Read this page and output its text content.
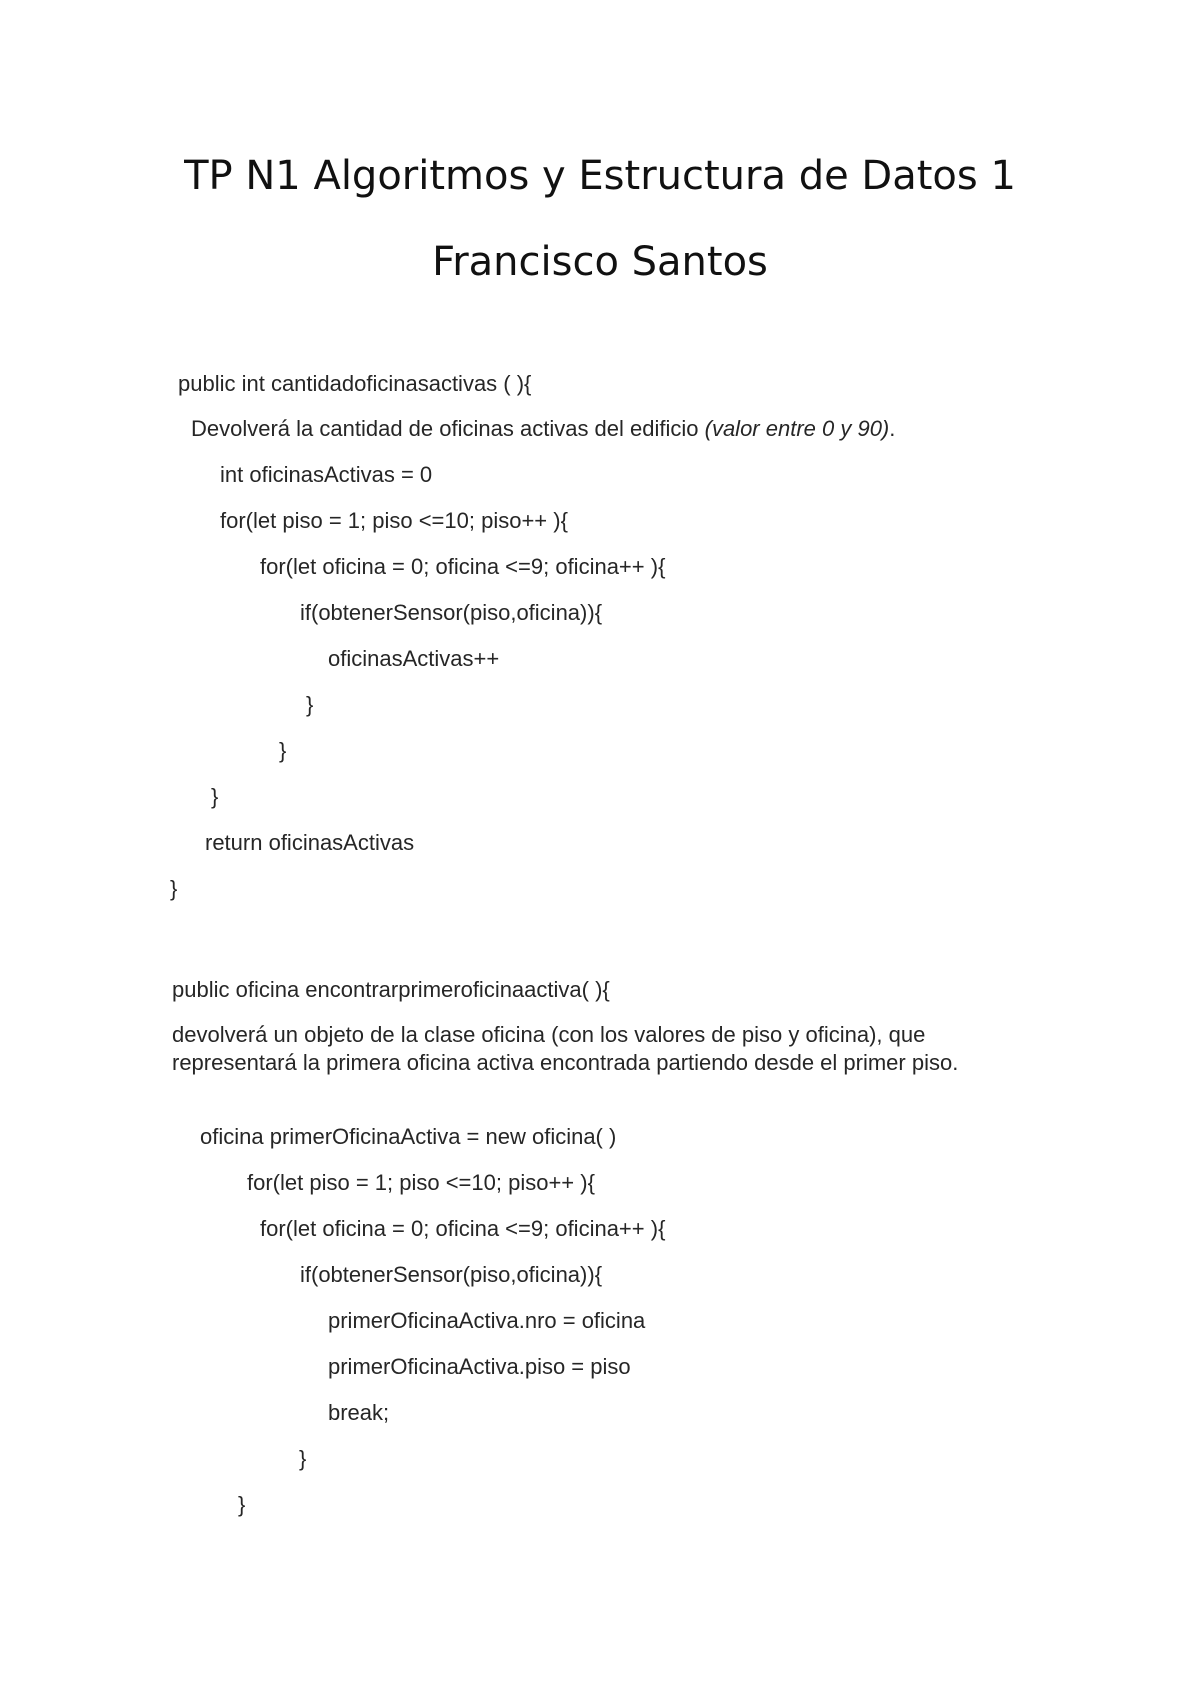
TP N1 Algoritmos y Estructura de Datos 1
Francisco Santos
public int cantidadoficinasactivas ( ){
Devolverá la cantidad de oficinas activas del edificio (valor entre 0 y 90).
int oficinasActivas = 0
for(let piso = 1; piso <=10; piso++ ){
for(let oficina = 0; oficina <=9; oficina++ ){
if(obtenerSensor(piso,oficina)){
oficinasActivas++
}
}
}
return oficinasActivas
}
public oficina encontrarprimeroficinaactiva( ){
devolverá un objeto de la clase oficina (con los valores de piso y oficina), que representará la primera oficina activa encontrada partiendo desde el primer piso.
oficina primerOficinaActiva = new oficina( )
for(let piso = 1; piso <=10; piso++ ){
for(let oficina = 0; oficina <=9; oficina++ ){
if(obtenerSensor(piso,oficina)){
primerOficinaActiva.nro = oficina
primerOficinaActiva.piso = piso
break;
}
}
